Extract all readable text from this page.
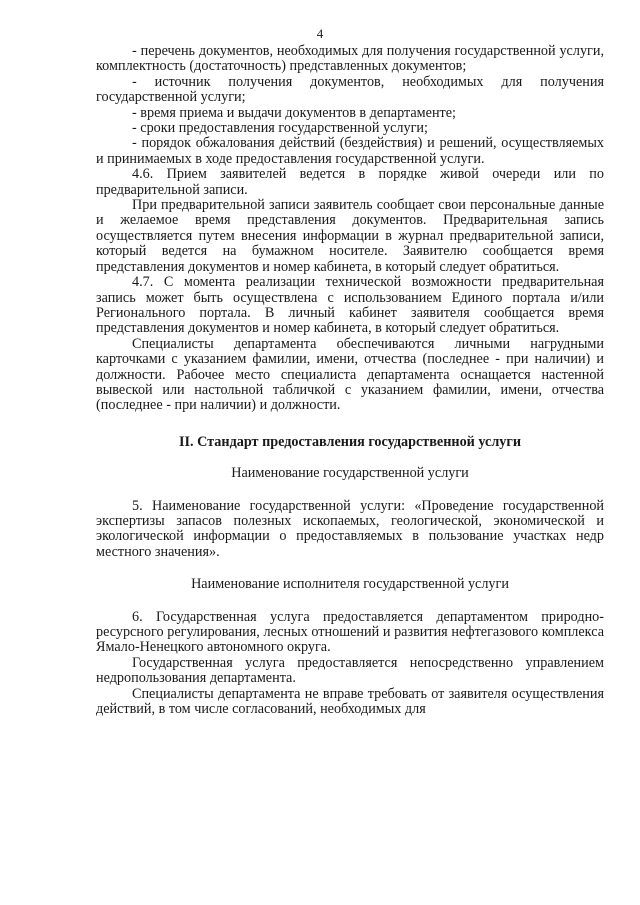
4

- перечень документов, необходимых для получения государственной услуги, комплектность (достаточность) представленных документов;

- источник получения документов, необходимых для получения государственной услуги;

- время приема и выдачи документов в департаменте;

- сроки предоставления государственной услуги;

- порядок обжалования действий (бездействия) и решений, осуществляемых и принимаемых в ходе предоставления государственной услуги.

4.6. Прием заявителей ведется в порядке живой очереди или по предварительной записи.

При предварительной записи заявитель сообщает свои персональные данные и желаемое время представления документов. Предварительная запись осуществляется путем внесения информации в журнал предварительной записи, который ведется на бумажном носителе. Заявителю сообщается время представления документов и номер кабинета, в который следует обратиться.

4.7. С момента реализации технической возможности предварительная запись может быть осуществлена с использованием Единого портала и/или Регионального портала. В личный кабинет заявителя сообщается время представления документов и номер кабинета, в который следует обратиться.

Специалисты департамента обеспечиваются личными нагрудными карточками с указанием фамилии, имени, отчества (последнее - при наличии) и должности. Рабочее место специалиста департамента оснащается настенной вывеской или настольной табличкой с указанием фамилии, имени, отчества (последнее - при наличии) и должности.

II. Стандарт предоставления государственной услуги

Наименование государственной услуги

5. Наименование государственной услуги: «Проведение государственной экспертизы запасов полезных ископаемых, геологической, экономической и экологической информации о предоставляемых в пользование участках недр местного значения».

Наименование исполнителя государственной услуги

6. Государственная услуга предоставляется департаментом природно-ресурсного регулирования, лесных отношений и развития нефтегазового комплекса Ямало-Ненецкого автономного округа.

Государственная услуга предоставляется непосредственно управлением недропользования департамента.

Специалисты департамента не вправе требовать от заявителя осуществления действий, в том числе согласований, необходимых для
